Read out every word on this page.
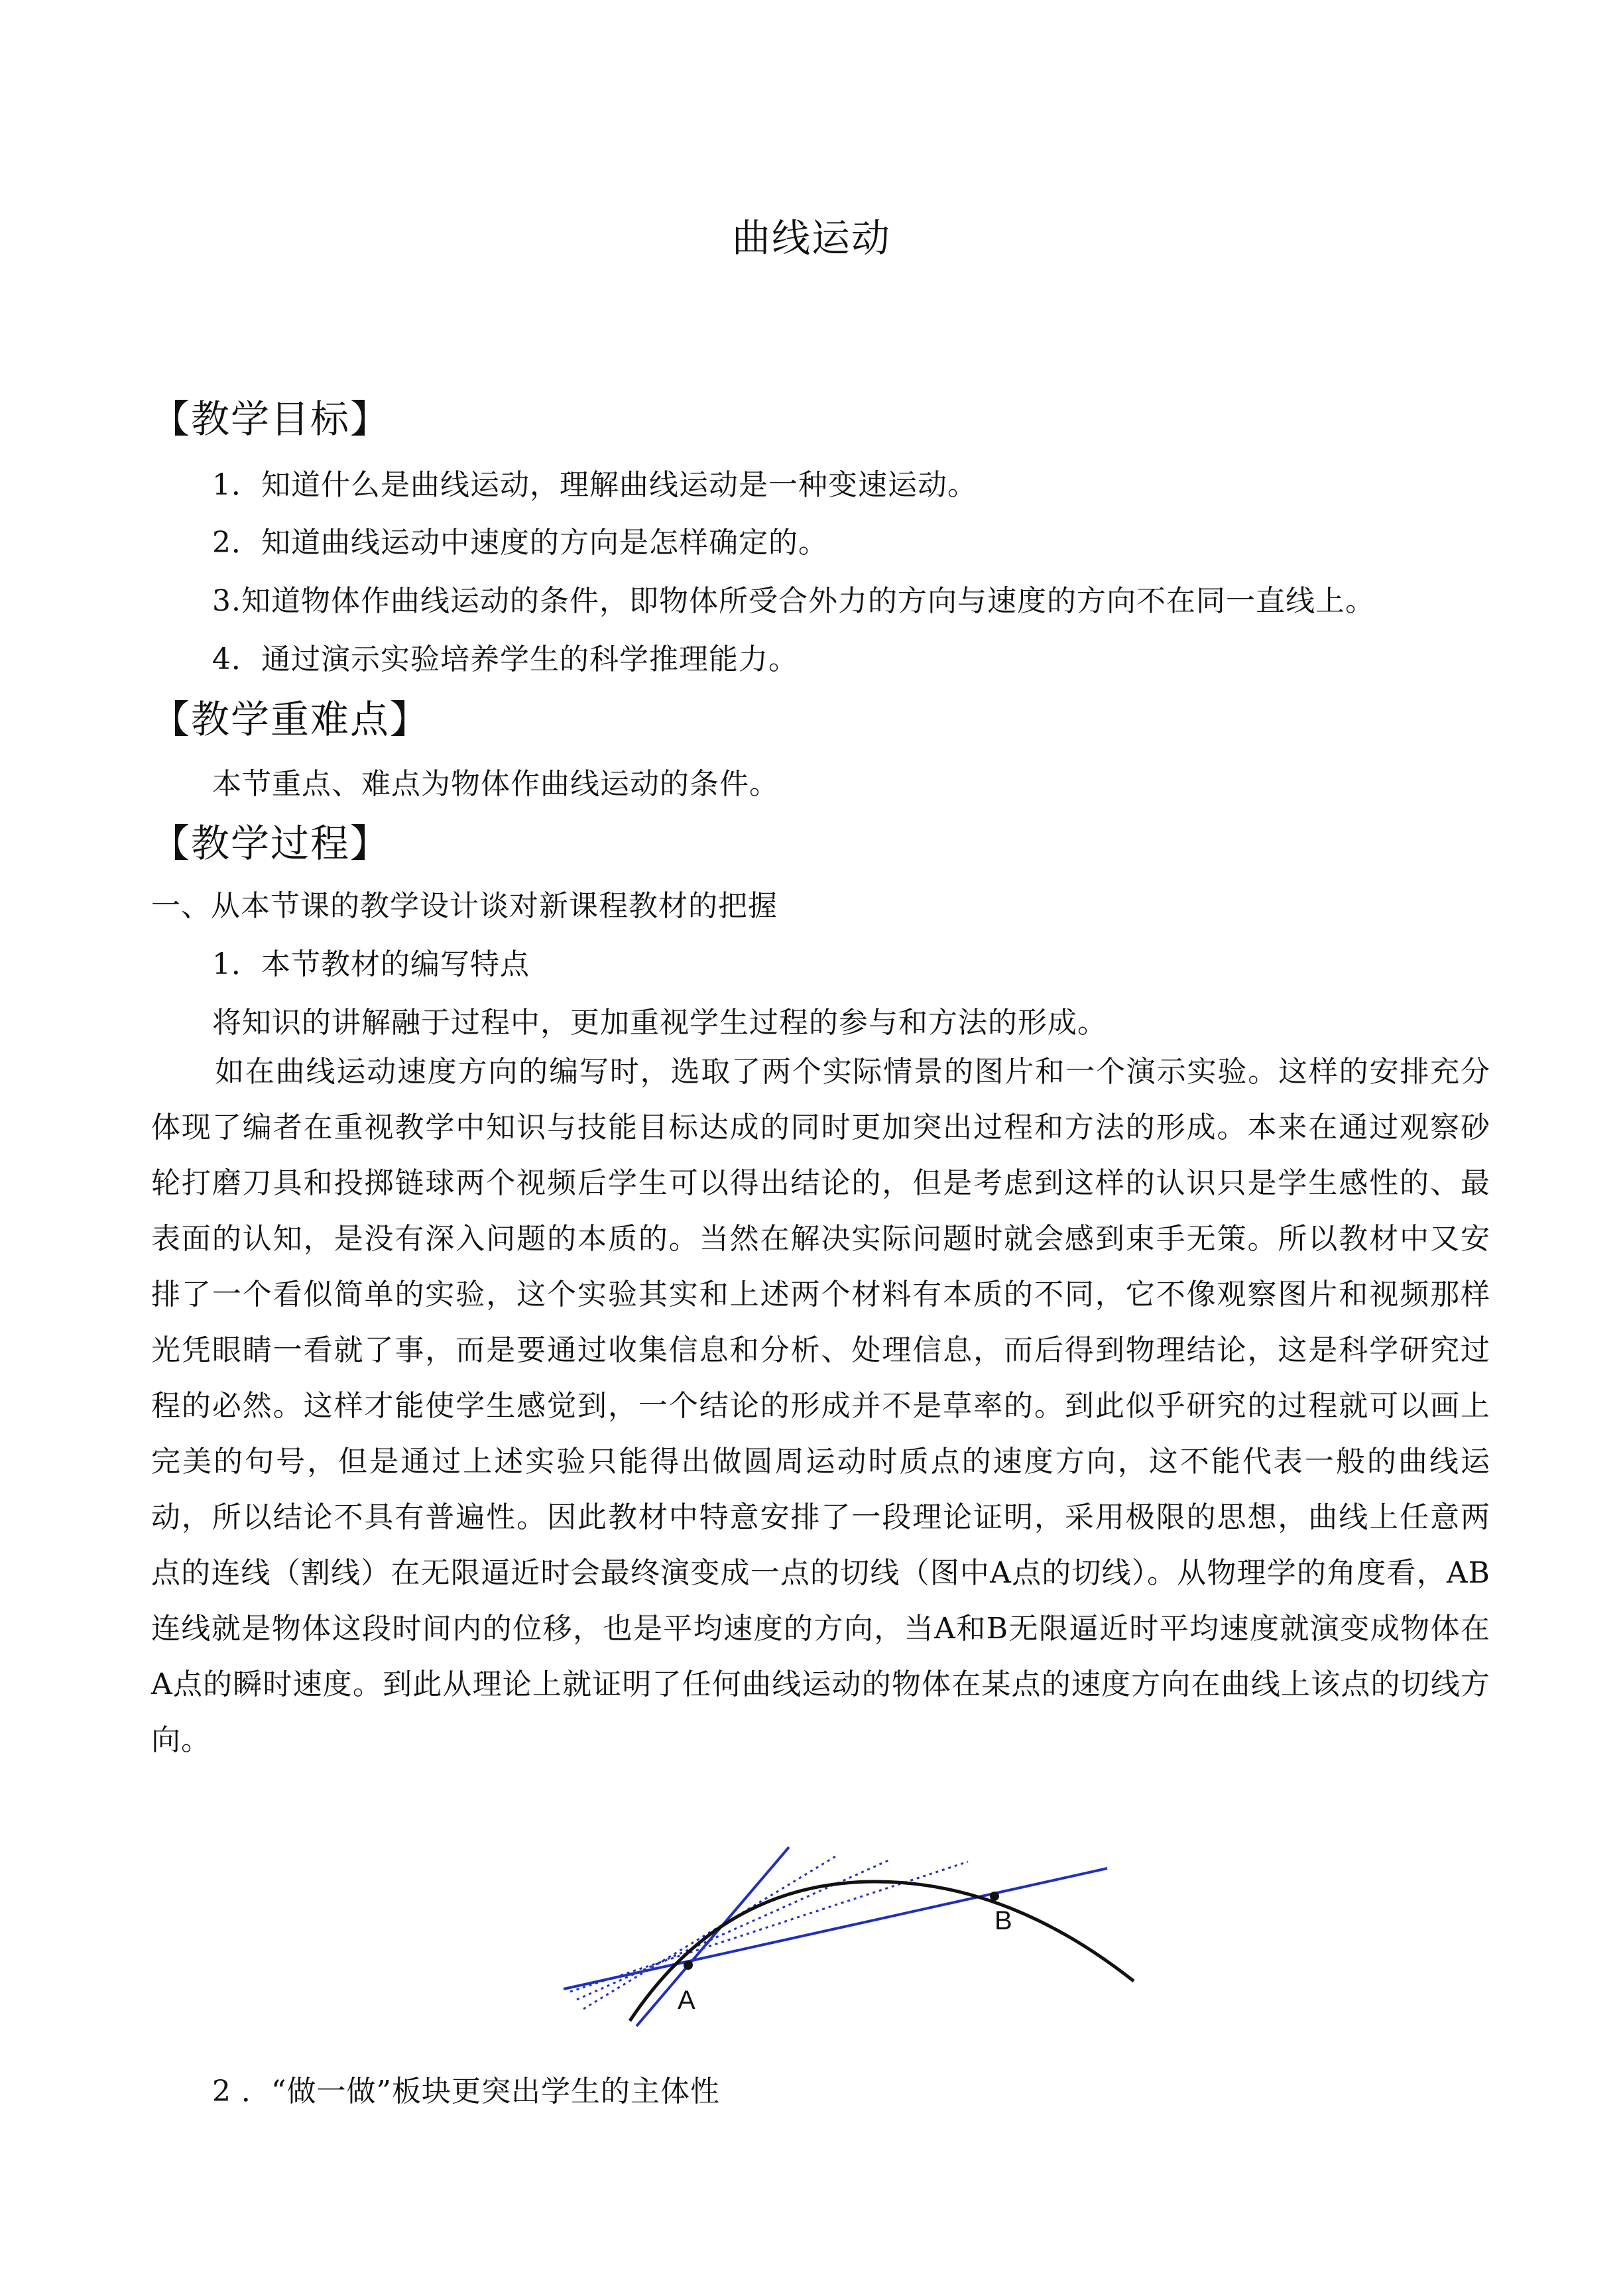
曲线运动
【教学目标】
1．知道什么是曲线运动，理解曲线运动是一种变速运动。
2．知道曲线运动中速度的方向是怎样确定的。
3.知道物体作曲线运动的条件，即物体所受合外力的方向与速度的方向不在同一直线上。
4．通过演示实验培养学生的科学推理能力。
【教学重难点】
本节重点、难点为物体作曲线运动的条件。
【教学过程】
一、从本节课的教学设计谈对新课程教材的把握
1．本节教材的编写特点
将知识的讲解融于过程中，更加重视学生过程的参与和方法的形成。
如在曲线运动速度方向的编写时，选取了两个实际情景的图片和一个演示实验。这样的安排充分体现了编者在重视教学中知识与技能目标达成的同时更加突出过程和方法的形成。本来在通过观察砂轮打磨刀具和投掷链球两个视频后学生可以得出结论的，但是考虑到这样的认识只是学生感性的、最表面的认知，是没有深入问题的本质的。当然在解决实际问题时就会感到束手无策。所以教材中又安排了一个看似简单的实验，这个实验其实和上述两个材料有本质的不同，它不像观察图片和视频那样光凭眼睛一看就了事，而是要通过收集信息和分析、处理信息，而后得到物理结论，这是科学研究过程的必然。这样才能使学生感觉到，一个结论的形成并不是草率的。到此似乎研究的过程就可以画上完美的句号，但是通过上述实验只能得出做圆周运动时质点的速度方向，这不能代表一般的曲线运动，所以结论不具有普遍性。因此教材中特意安排了一段理论证明，采用极限的思想，曲线上任意两点的连线（割线）在无限逼近时会最终演变成一点的切线（图中A点的切线）。从物理学的角度看，AB连线就是物体这段时间内的位移，也是平均速度的方向，当A和B无限逼近时平均速度就演变成物体在A点的瞬时速度。到此从理论上就证明了任何曲线运动的物体在某点的速度方向在曲线上该点的切线方向。
A
B
2 ．“做一做”板块更突出学生的主体性
